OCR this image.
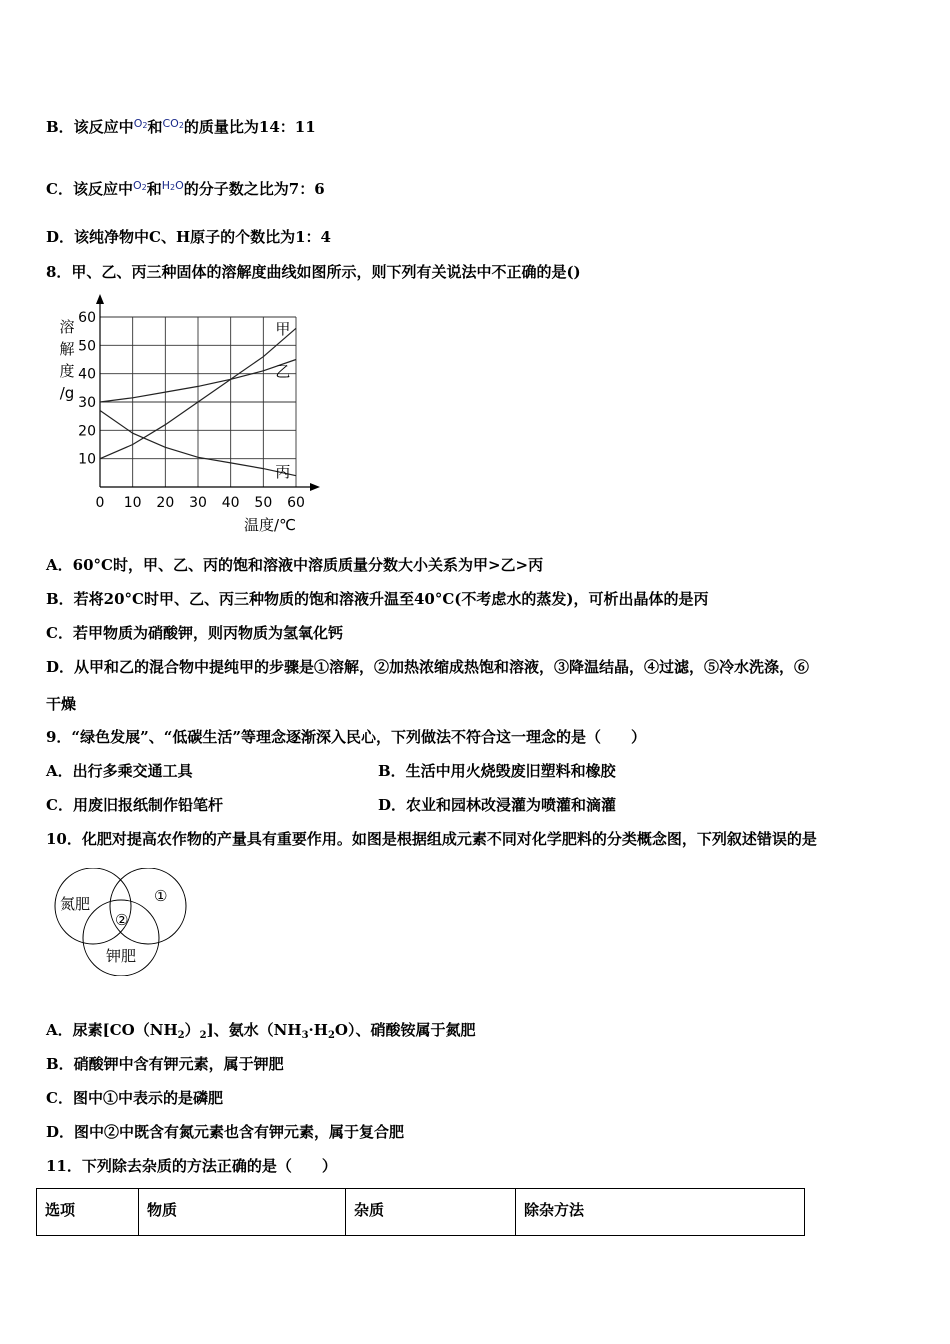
B．该反应中$^{O_2}$和$^{CO_2}$的质量比为14：11
C．该反应中$^{O_2}$和$^{H_2O}$的分子数之比为7：6
D．该纯净物中C、H原子的个数比为1：4
8．甲、乙、丙三种固体的溶解度曲线如图所示，则下列有关说法中不正确的是()
60
50
40
30
20
10
0 10 20 30 40 50 60
溶
解
度
/g
温度/℃
甲
乙
丙
A．60°C时，甲、乙、丙的饱和溶液中溶质质量分数大小关系为甲>乙>丙
B．若将20°C时甲、乙、丙三种物质的饱和溶液升温至40°C(不考虑水的蒸发)，可析出晶体的是丙
C．若甲物质为硝酸钾，则丙物质为氢氧化钙
D．从甲和乙的混合物中提纯甲的步骤是①溶解，②加热浓缩成热饱和溶液，③降温结晶，④过滤，⑤冷水洗涤，⑥
干燥
9．“绿色发展”、“低碳生活”等理念逐渐深入民心，下列做法不符合这一理念的是（　　）
A．出行多乘交通工具	B．生活中用火烧毁废旧塑料和橡胶
C．用废旧报纸制作铅笔杆	D．农业和园林改浸灌为喷灌和滴灌
10．化肥对提高农作物的产量具有重要作用。如图是根据组成元素不同对化学肥料的分类概念图，下列叙述错误的是
氮肥	①
②
钾肥
A．尿素$[CO(NH_2)_2]$、氨水$(NH_3\cdot H_2O)$、硝酸铵属于氮肥
B．硝酸钾中含有钾元素，属于钾肥
C．图中①中表示的是磷肥
D．图中②中既含有氮元素也含有钾元素，属于复合肥
11．下列除去杂质的方法正确的是（　　）
选项	物质	杂质	除杂方法
